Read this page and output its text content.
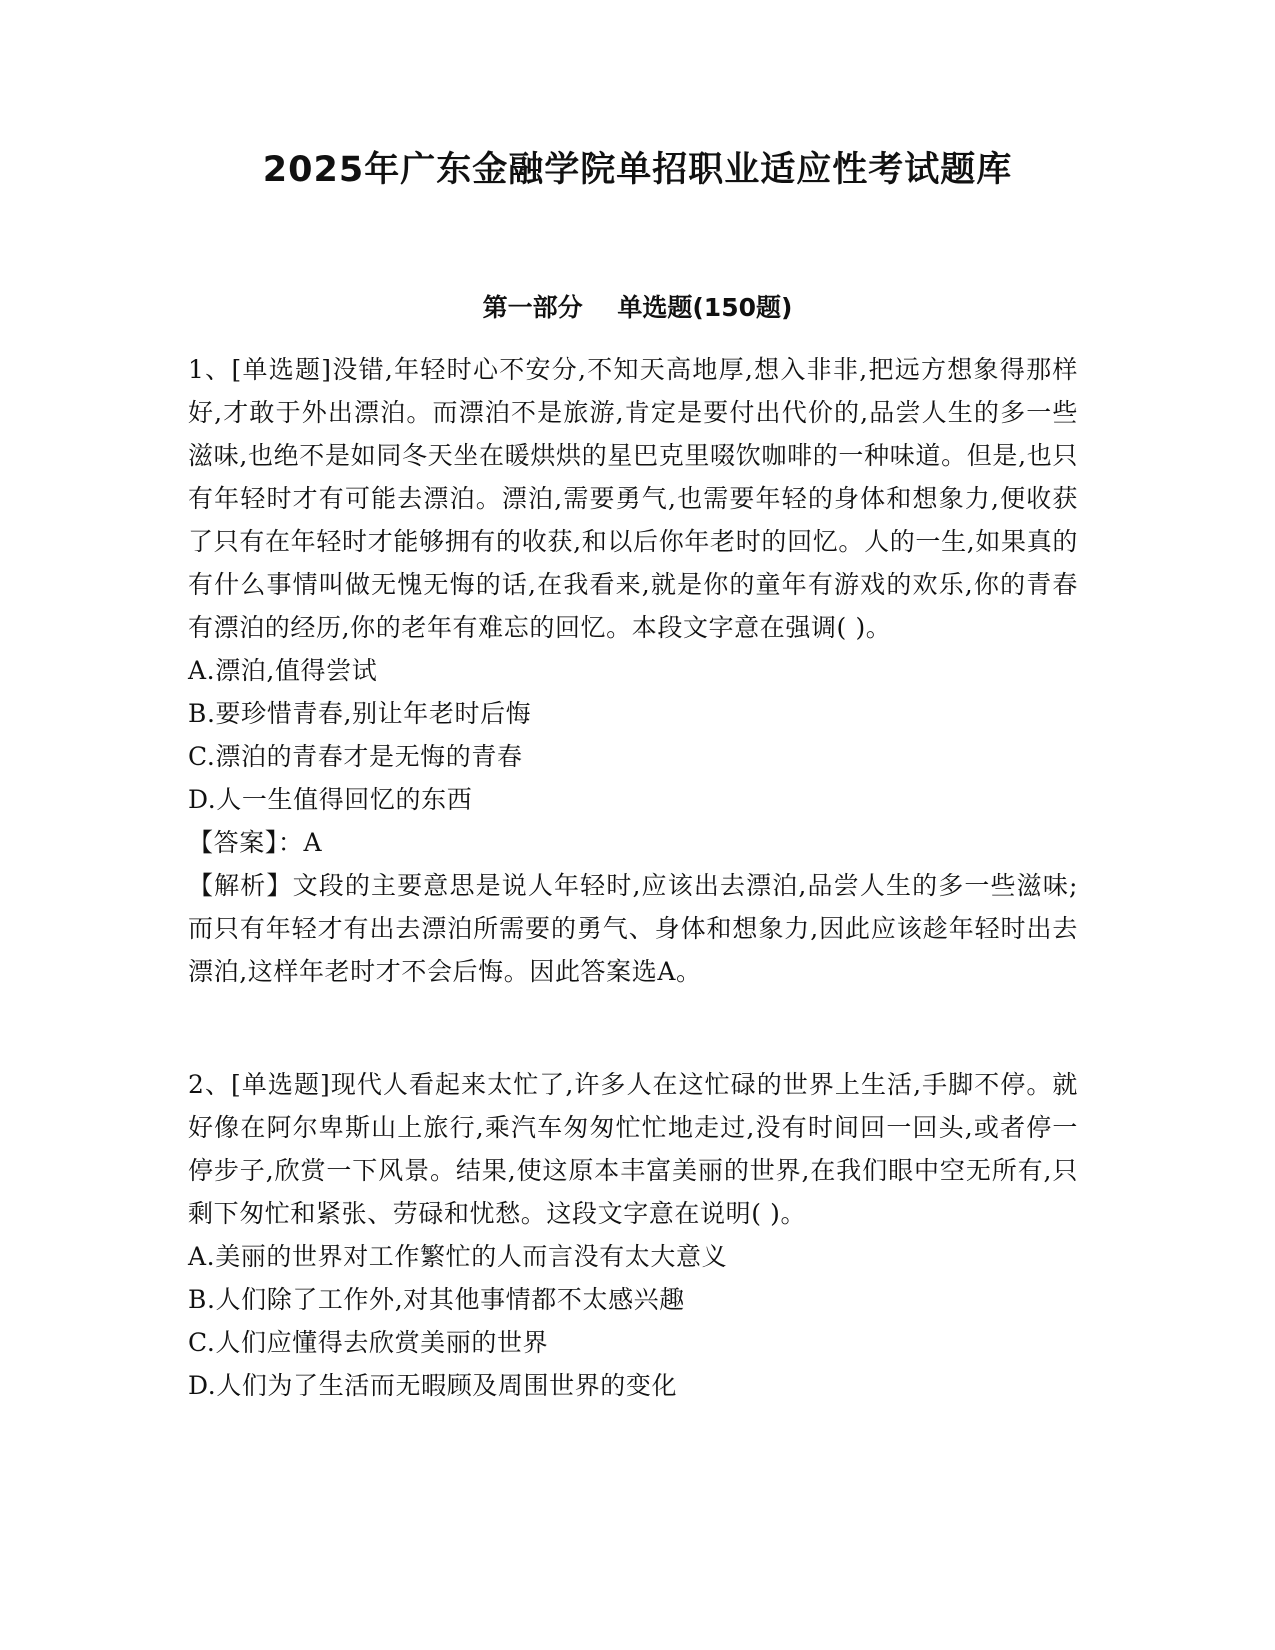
2025年广东金融学院单招职业适应性考试题库
第一部分    单选题(150题)

1、[单选题]没错,年轻时心不安分,不知天高地厚,想入非非,把远方想象得那样好,才敢于外出漂泊。而漂泊不是旅游,肯定是要付出代价的,品尝人生的多一些滋味,也绝不是如同冬天坐在暖烘烘的星巴克里啜饮咖啡的一种味道。但是,也只有年轻时才有可能去漂泊。漂泊,需要勇气,也需要年轻的身体和想象力,便收获了只有在年轻时才能够拥有的收获,和以后你年老时的回忆。人的一生,如果真的有什么事情叫做无愧无悔的话,在我看来,就是你的童年有游戏的欢乐,你的青春有漂泊的经历,你的老年有难忘的回忆。本段文字意在强调( )。

A.漂泊,值得尝试
B.要珍惜青春,别让年老时后悔
C.漂泊的青春才是无悔的青春
D.人一生值得回忆的东西

【答案】：A

【解析】文段的主要意思是说人年轻时,应该出去漂泊,品尝人生的多一些滋味;而只有年轻才有出去漂泊所需要的勇气、身体和想象力,因此应该趁年轻时出去漂泊,这样年老时才不会后悔。因此答案选A。

2、[单选题]现代人看起来太忙了,许多人在这忙碌的世界上生活,手脚不停。就好像在阿尔卑斯山上旅行,乘汽车匆匆忙忙地走过,没有时间回一回头,或者停一停步子,欣赏一下风景。结果,使这原本丰富美丽的世界,在我们眼中空无所有,只剩下匆忙和紧张、劳碌和忧愁。这段文字意在说明( )。

A.美丽的世界对工作繁忙的人而言没有太大意义
B.人们除了工作外,对其他事情都不太感兴趣
C.人们应懂得去欣赏美丽的世界
D.人们为了生活而无暇顾及周围世界的变化
